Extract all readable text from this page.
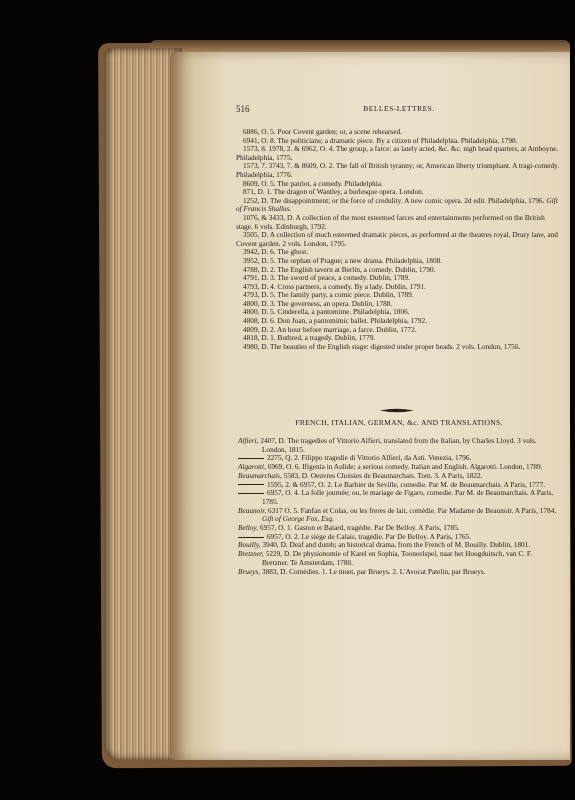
516	BELLES-LETTRES.

6886, O. 5. Poor Covent garden; or, a scene rehearsed.

6941, O. 8. The politicians; a dramatic piece. By a citizen of Philadelphia. Philadelphia, 1798.

1573, 8. 1978, 2. & 6962, O. 4. The group, a farce: as lately acted, &c. &c. nigh head quarters, at Amboyne. Philadelphia, 1775.

1573, 7. 3743, 7. & 8609, O. 2. The fall of British tyranny; or, American liberty triumphant. A tragi-comedy. Philadelphia, 1776.

8609, O. 5. The patriot, a comedy. Philadelphia.

871, D. 1. The dragon of Wantley, a burlesque opera. London.

1252, D. The disappointment; or the force of credulity. A new comic opera. 2d edit. Philadelphia, 1796. Gift of Francis Shallus.

1076, & 3433, D. A collection of the most esteemed farces and entertainments performed on the British stage. 6 vols. Edinburgh, 1792.

3505, D. A collection of much esteemed dramatic pieces, as performed at the theatres royal, Drury lane, and Covent garden. 2 vols. London, 1795.

3942, D. 6. The ghost.

3952, D. 5. The orphan of Prague; a new drama. Philadelphia, 1808.

4788, D. 2. The English tavern at Berlin, a comedy. Dublin, 1790.

4791, D. 3. The sword of peace, a comedy. Dublin, 1789.

4793, D. 4. Cross partners, a comedy. By a lady. Dublin, 1791.

4793, D. 5. The family party, a comic piece. Dublin, 1789.

4800, D. 3. The governess, an opera. Dublin, 1788.

4800, D. 5. Cinderella, a pantomime. Philadelphia, 1806.

4808, D. 6. Don Juan, a pantomimic ballet. Philadelphia, 1792.

4809, D. 2. An hour before marriage, a farce. Dublin, 1772.

4818, D. 1. Buthred, a tragedy. Dublin, 1779.

4980, D. The beauties of the English stage: digested under proper heads. 2 vols. London, 1756.

FRENCH, ITALIAN, GERMAN, &c. AND TRANSLATIONS.

Alfieri, 2407, D. The tragedies of Vittorio Alfieri, translated from the Italian, by Charles Lloyd. 3 vols. London, 1815.

2275, Q. 2. Filippo tragedie di Vittorio Alfieri, da Asti. Venezia, 1796.

Algarotti, 6969, O. 6. Ifigenia in Aulide; a serious comedy. Italian and English. Algarotti. London, 1789.

Beaumarchais, 5583, D. Oeuvres Choisies de Beaumarchais. Tom. 3. A Paris, 1822.

1595, 2. & 6957, O. 2. Le Barbier de Seville, comedie. Par M. de Beaumarchais. A Paris, 1777.

6957, O. 4. La folle journée; ou, le mariage de Figaro, comedie. Par M. de Beaumarchais. A Paris, 1785.

Beaunoir, 6317 O. 5. Fanfan et Colas, ou les freres de lait, comédie. Par Madame de Beaunoir. A Paris, 1784. Gift of George Fox, Esq.

Belloy, 6957, O. 1. Gaston et Baiard, tragédie. Par De Belloy. A Paris, 1785.

6957, O. 2. Le siége de Calais, tragédie. Par De Belloy. A Paris, 1765.

Bouilly, 3940, D. Deaf and dumb; an historical drama, from the French of M. Bouilly. Dublin, 1801.

Bretzner, 5229, D. De physionomie of Karel en Sophia, Tooneelspel, naar het Hoogduitsch, van C. F. Bretzner. Te Amsterdam, 1780.

Brueys, 3883, D. Comédies. 1. Le muet, par Brueys. 2. L'Avocat Patelin, par Brueys.
